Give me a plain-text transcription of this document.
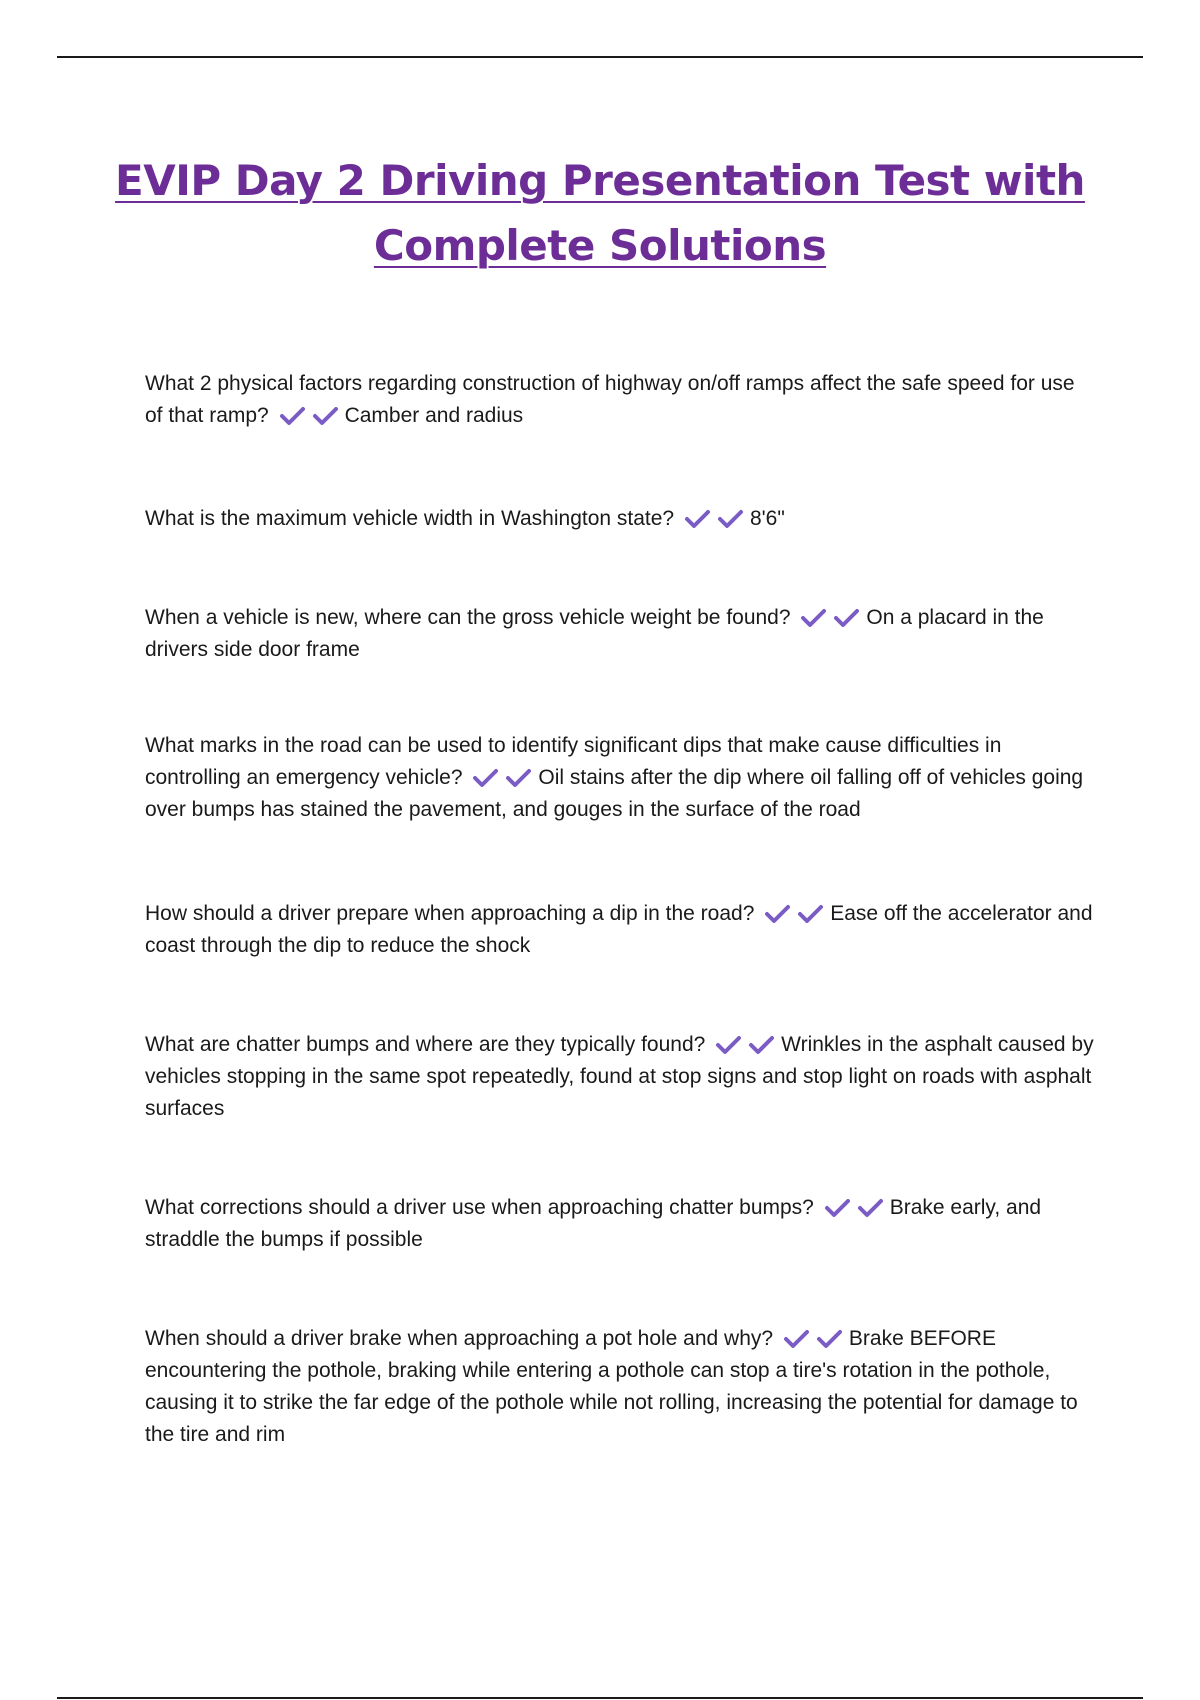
EVIP Day 2 Driving Presentation Test with Complete Solutions
What 2 physical factors regarding construction of highway on/off ramps affect the safe speed for use of that ramp?	Camber and radius
What is the maximum vehicle width in Washington state?	8'6"
When a vehicle is new, where can the gross vehicle weight be found?	On a placard in the drivers side door frame
What marks in the road can be used to identify significant dips that make cause difficulties in controlling an emergency vehicle?	Oil stains after the dip where oil falling off of vehicles going over bumps has stained the pavement, and gouges in the surface of the road
How should a driver prepare when approaching a dip in the road?	Ease off the accelerator and coast through the dip to reduce the shock
What are chatter bumps and where are they typically found?	Wrinkles in the asphalt caused by vehicles stopping in the same spot repeatedly, found at stop signs and stop light on roads with asphalt surfaces
What corrections should a driver use when approaching chatter bumps?	Brake early, and straddle the bumps if possible
When should a driver brake when approaching a pot hole and why?	Brake BEFORE encountering the pothole, braking while entering a pothole can stop a tire's rotation in the pothole, causing it to strike the far edge of the pothole while not rolling, increasing the potential for damage to the tire and rim
